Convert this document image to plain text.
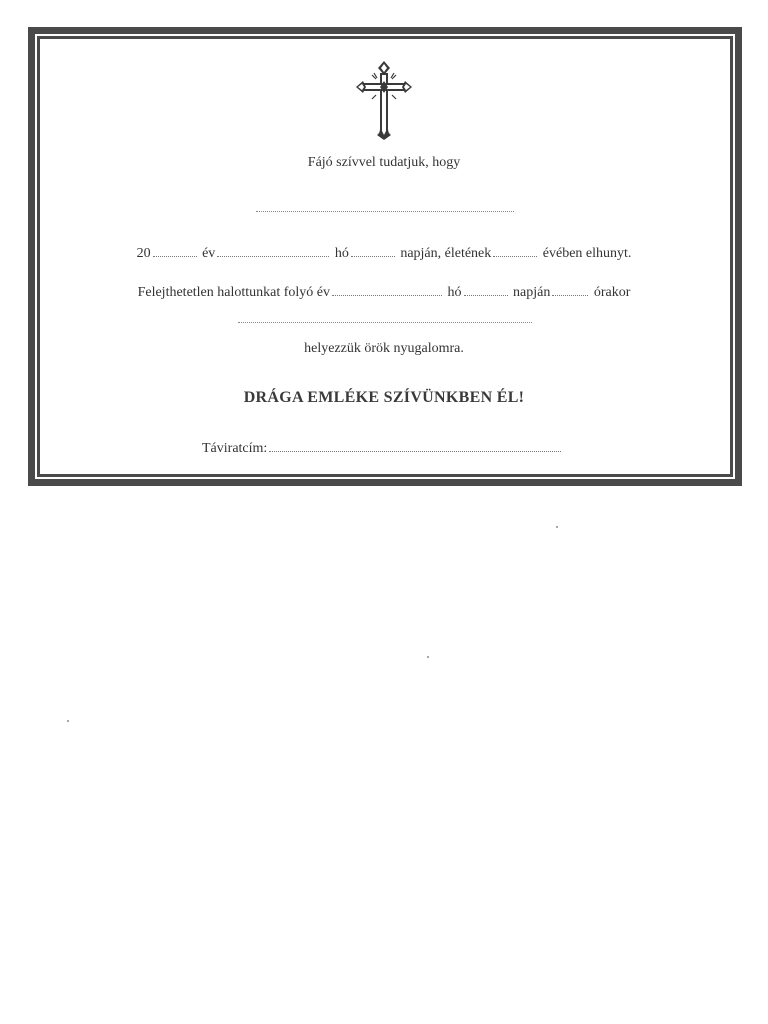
Fájó szívvel tudatjuk, hogy
20	év	hó	napján, életének	évében elhunyt.
Felejthetetlen halottunkat folyó év	hó	napján	órakor
helyezzük örök nyugalomra.
DRÁGA EMLÉKE SZÍVÜNKBEN ÉL!
Táviratcím:
